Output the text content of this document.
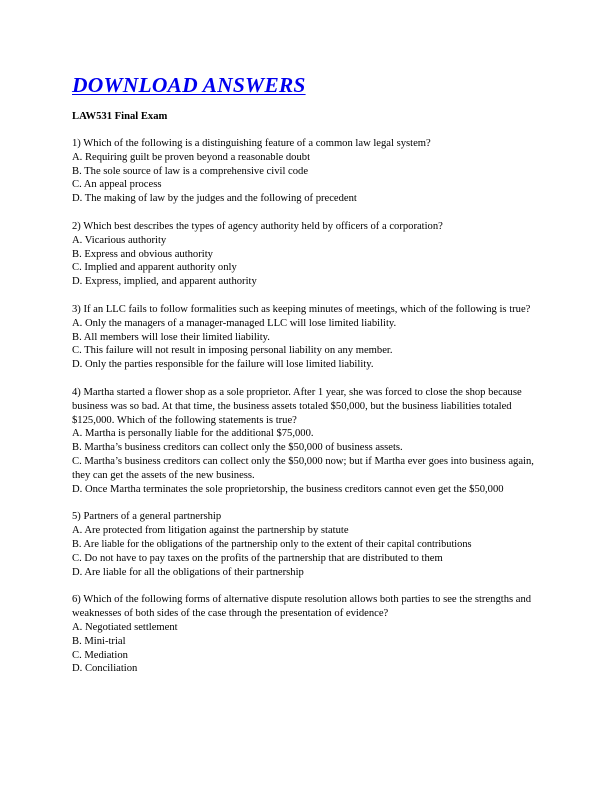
DOWNLOAD ANSWERS
LAW531 Final Exam
1) Which of the following is a distinguishing feature of a common law legal system?
A. Requiring guilt be proven beyond a reasonable doubt
B. The sole source of law is a comprehensive civil code
C. An appeal process
D. The making of law by the judges and the following of precedent
2) Which best describes the types of agency authority held by officers of a corporation?
A. Vicarious authority
B. Express and obvious authority
C. Implied and apparent authority only
D. Express, implied, and apparent authority
3) If an LLC fails to follow formalities such as keeping minutes of meetings, which of the following is true?
A. Only the managers of a manager-managed LLC will lose limited liability.
B. All members will lose their limited liability.
C. This failure will not result in imposing personal liability on any member.
D. Only the parties responsible for the failure will lose limited liability.
4) Martha started a flower shop as a sole proprietor. After 1 year, she was forced to close the shop because business was so bad. At that time, the business assets totaled $50,000, but the business liabilities totaled $125,000. Which of the following statements is true?
A. Martha is personally liable for the additional $75,000.
B. Martha’s business creditors can collect only the $50,000 of business assets.
C. Martha’s business creditors can collect only the $50,000 now; but if Martha ever goes into business again, they can get the assets of the new business.
D. Once Martha terminates the sole proprietorship, the business creditors cannot even get the $50,000
5) Partners of a general partnership
A. Are protected from litigation against the partnership by statute
B. Are liable for the obligations of the partnership only to the extent of their capital contributions
C. Do not have to pay taxes on the profits of the partnership that are distributed to them
D. Are liable for all the obligations of their partnership
6) Which of the following forms of alternative dispute resolution allows both parties to see the strengths and weaknesses of both sides of the case through the presentation of evidence?
A. Negotiated settlement
B. Mini-trial
C. Mediation
D. Conciliation
